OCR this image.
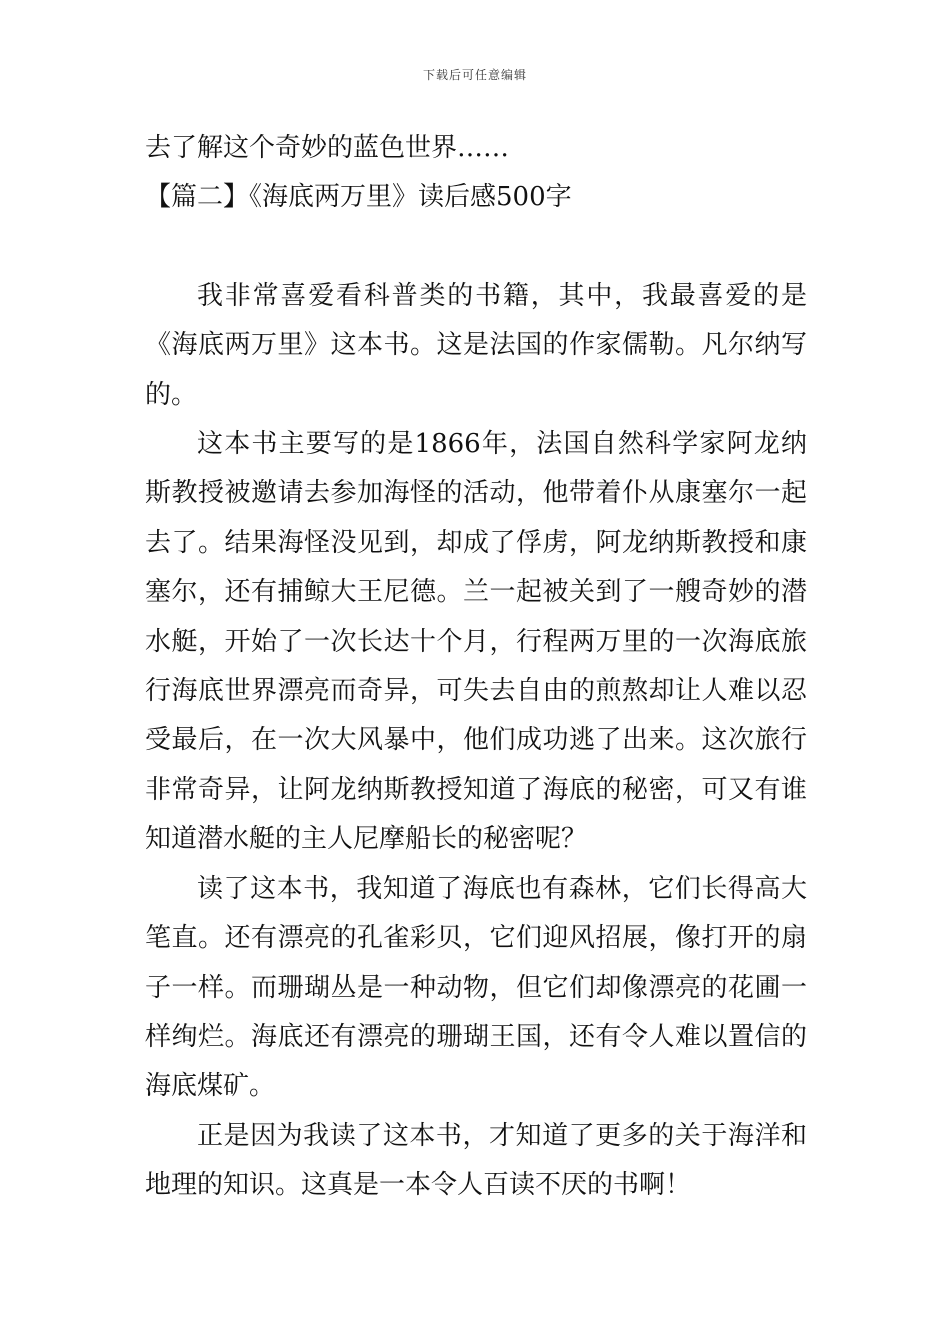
下载后可任意编辑

去了解这个奇妙的蓝色世界……

【篇二】《海底两万里》读后感500字

我非常喜爱看科普类的书籍，其中，我最喜爱的是《海底两万里》这本书。这是法国的作家儒勒。凡尔纳写的。

这本书主要写的是1866年，法国自然科学家阿龙纳斯教授被邀请去参加海怪的活动，他带着仆从康塞尔一起去了。结果海怪没见到，却成了俘虏，阿龙纳斯教授和康塞尔，还有捕鲸大王尼德。兰一起被关到了一艘奇妙的潜水艇，开始了一次长达十个月，行程两万里的一次海底旅行海底世界漂亮而奇异，可失去自由的煎熬却让人难以忍受最后，在一次大风暴中，他们成功逃了出来。这次旅行非常奇异，让阿龙纳斯教授知道了海底的秘密，可又有谁知道潜水艇的主人尼摩船长的秘密呢？

读了这本书，我知道了海底也有森林，它们长得高大笔直。还有漂亮的孔雀彩贝，它们迎风招展，像打开的扇子一样。而珊瑚丛是一种动物，但它们却像漂亮的花圃一样绚烂。海底还有漂亮的珊瑚王国，还有令人难以置信的海底煤矿。

正是因为我读了这本书，才知道了更多的关于海洋和地理的知识。这真是一本令人百读不厌的书啊！
